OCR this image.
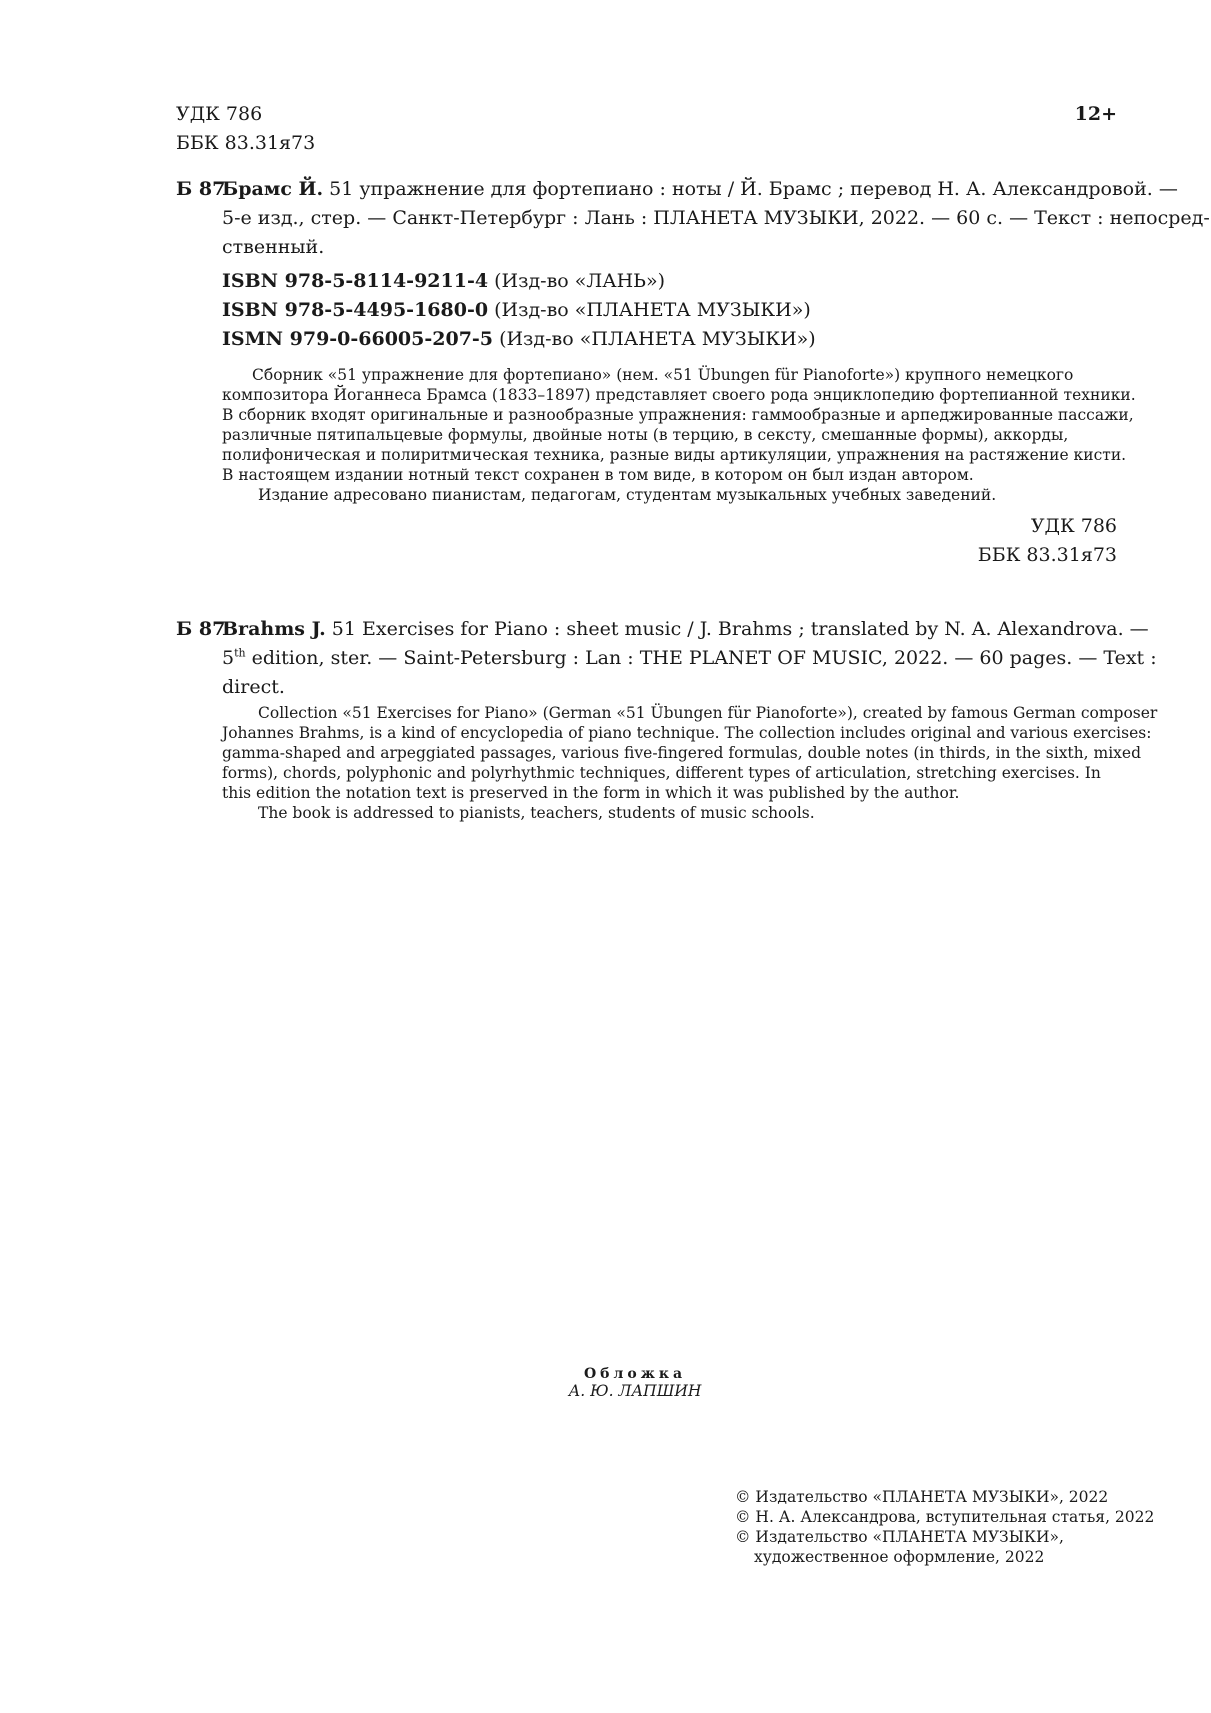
УДК 786
ББК 83.31я73
12+
Б 87
Брамс Й. 51 упражнение для фортепиано : ноты / Й. Брамс ; перевод Н. А. Александровой. —
5-е изд., стер. — Санкт-Петербург : Лань : ПЛАНЕТА МУЗЫКИ, 2022. — 60 с. — Текст : непосред-
ственный.
ISBN 978-5-8114-9211-4 (Изд-во «ЛАНЬ»)
ISBN 978-5-4495-1680-0 (Изд-во «ПЛАНЕТА МУЗЫКИ»)
ISMN 979-0-66005-207-5 (Изд-во «ПЛАНЕТА МУЗЫКИ»)
Сборник «51 упражнение для фортепиано» (нем. «51 Übungen für Pianoforte») крупного немецкого
композитора Йоганнеса Брамса (1833–1897) представляет своего рода энциклопедию фортепианной техники.
В сборник входят оригинальные и разнообразные упражнения: гаммообразные и арпеджированные пассажи,
различные пятипальцевые формулы, двойные ноты (в терцию, в сексту, смешанные формы), аккорды,
полифоническая и полиритмическая техника, разные виды артикуляции, упражнения на растяжение кисти.
В настоящем издании нотный текст сохранен в том виде, в котором он был издан автором.
Издание адресовано пианистам, педагогам, студентам музыкальных учебных заведений.
УДК 786
ББК 83.31я73
Б 87
Brahms J. 51 Exercises for Piano : sheet music / J. Brahms ; translated by N. A. Alexandrova. —
5th edition, ster. — Saint-Petersburg : Lan : THE PLANET OF MUSIC, 2022. — 60 pages. — Text :
direct.
Collection «51 Exercises for Piano» (German «51 Übungen für Pianoforte»), created by famous German composer
Johannes Brahms, is a kind of encyclopedia of piano technique. The collection includes original and various exercises:
gamma-shaped and arpeggiated passages, various five-fingered formulas, double notes (in thirds, in the sixth, mixed
forms), chords, polyphonic and polyrhythmic techniques, different types of articulation, stretching exercises. In
this edition the notation text is preserved in the form in which it was published by the author.
The book is addressed to pianists, teachers, students of music schools.
Обложка
А. Ю. ЛАПШИН
© Издательство «ПЛАНЕТА МУЗЫКИ», 2022
© Н. А. Александрова, вступительная статья, 2022
© Издательство «ПЛАНЕТА МУЗЫКИ»,
художественное оформление, 2022
